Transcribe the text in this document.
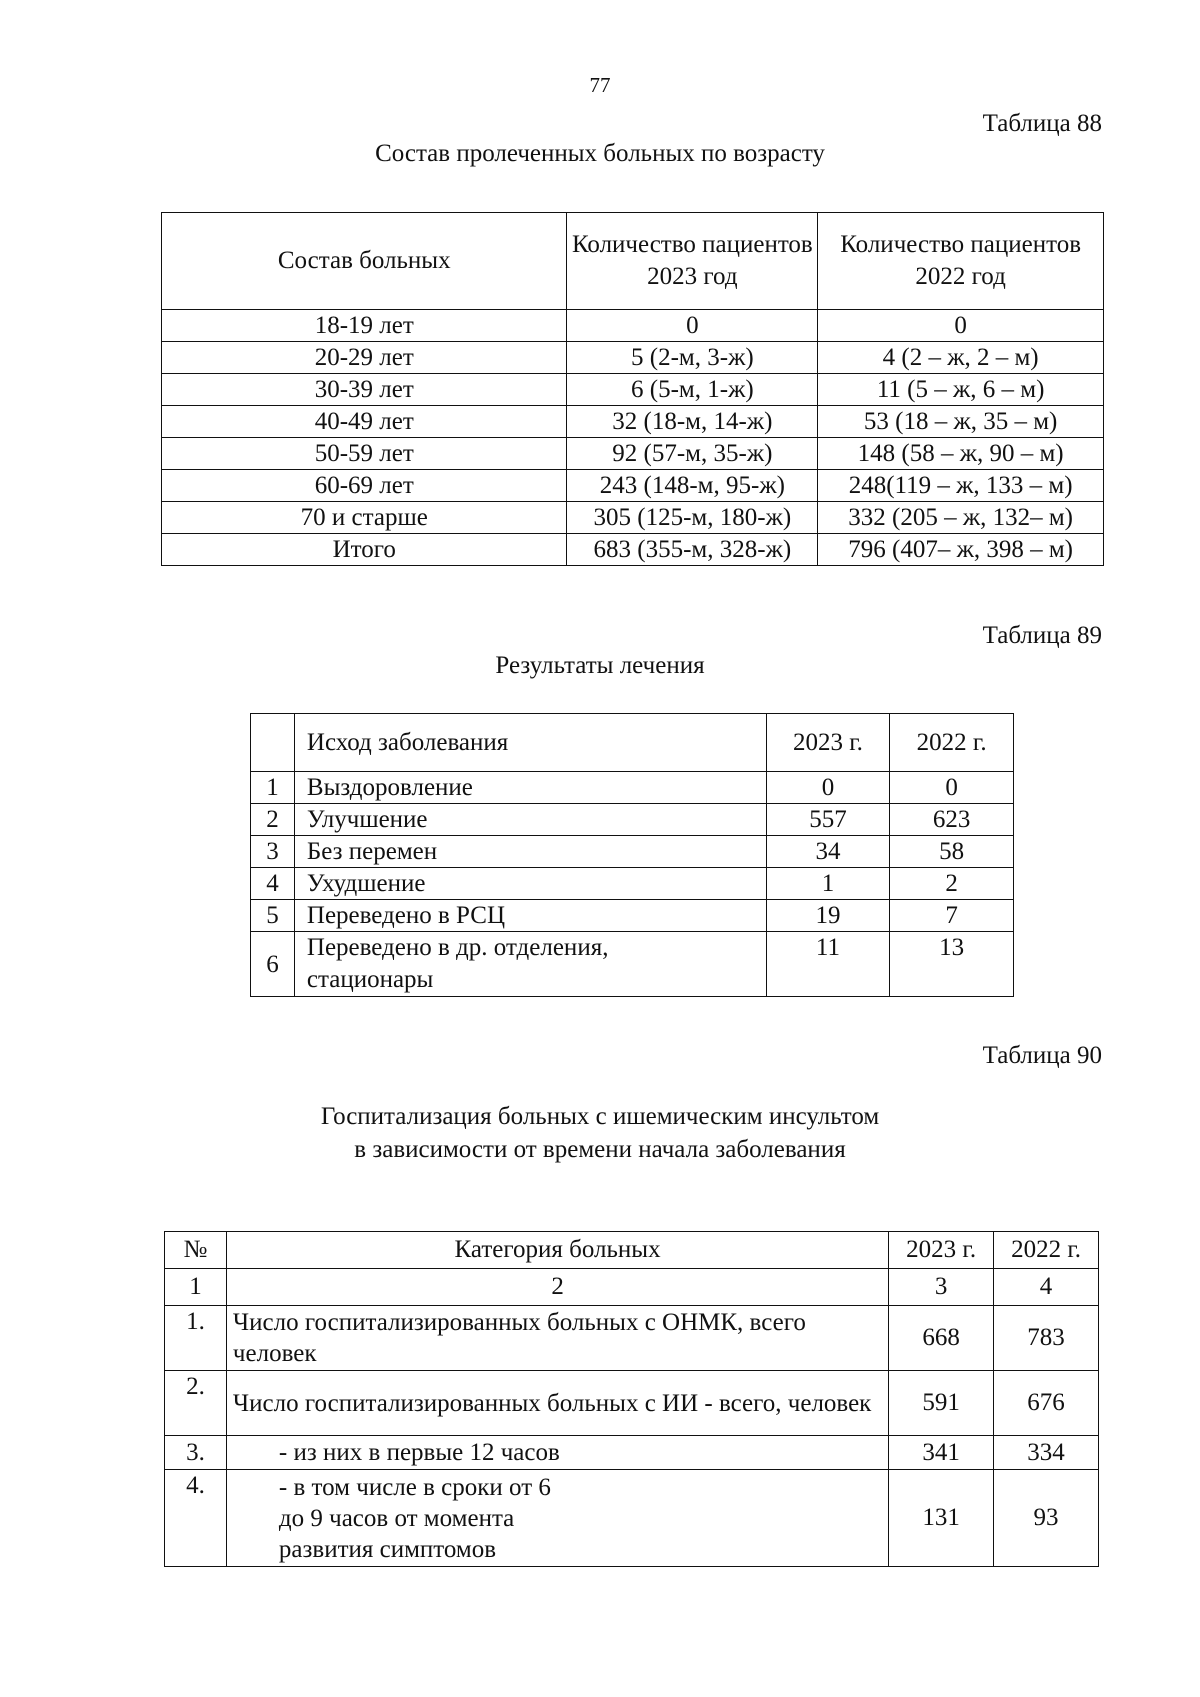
77
Таблица 88
Состав пролеченных больных по возрасту
Состав больных	Количество пациентов 2023 год	Количество пациентов 2022 год
18-19 лет	0	0
20-29 лет	5 (2-м, 3-ж)	4 (2 – ж, 2 – м)
30-39 лет	6 (5-м, 1-ж)	11 (5 – ж, 6 – м)
40-49 лет	32 (18-м, 14-ж)	53 (18 – ж, 35 – м)
50-59 лет	92 (57-м, 35-ж)	148 (58 – ж, 90 – м)
60-69 лет	243 (148-м, 95-ж)	248(119 – ж, 133 – м)
70 и старше	305 (125-м, 180-ж)	332 (205 – ж, 132– м)
Итого	683 (355-м, 328-ж)	796 (407– ж, 398 – м)
Таблица 89
Результаты лечения
	Исход заболевания	2023 г.	2022 г.
1	Выздоровление	0	0
2	Улучшение	557	623
3	Без перемен	34	58
4	Ухудшение	1	2
5	Переведено в РСЦ	19	7
6	Переведено в др. отделения, стационары	11	13
Таблица 90
Госпитализация больных с ишемическим инсультом
в зависимости от времени начала заболевания
№	Категория больных	2023 г.	2022 г.
1	2	3	4
1.	Число госпитализированных больных с ОНМК, всего человек	668	783
2.	Число госпитализированных больных с ИИ - всего, человек	591	676
3.	- из них в первые 12 часов	341	334
4.	- в том числе в сроки от 6 до 9 часов от момента развития симптомов	131	93
